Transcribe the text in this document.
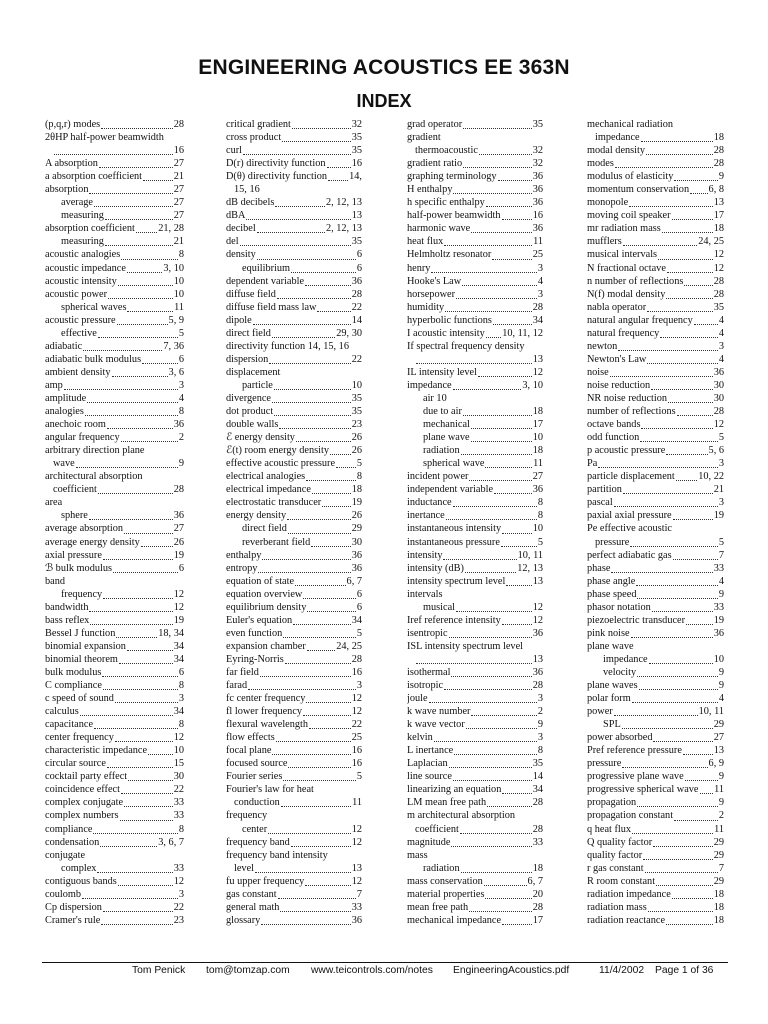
ENGINEERING ACOUSTICS EE 363N
INDEX
(p,q,r) modes	28
2θHP half-power beamwidth
16
A absorption	27
a absorption coefficient	21
absorption	27
average	27
measuring	27
absorption coefficient 21, 28
measuring	21
acoustic analogies	8
acoustic impedance	3, 10
acoustic intensity	10
acoustic power	10
spherical waves	11
acoustic pressure	5, 9
effective	5
adiabatic	7, 36
adiabatic bulk modulus	6
ambient density	3, 6
amp	3
amplitude	4
analogies	8
anechoic room	36
angular frequency	2
arbitrary direction plane
wave	9
architectural absorption
coefficient	28
area
sphere	36
average absorption	27
average energy density	26
axial pressure	19
ℬ bulk modulus	6
band
frequency	12
bandwidth	12
bass reflex	19
Bessel J function	18, 34
binomial expansion	34
binomial theorem	34
bulk modulus	6
C compliance	8
c speed of sound	3
calculus	34
capacitance	8
center frequency	12
characteristic impedance	10
circular source	15
cocktail party effect	30
coincidence effect	22
complex conjugate	33
complex numbers	33
compliance	8
condensation	3, 6, 7
conjugate
complex	33
contiguous bands	12
coulomb	3
Cp dispersion	22
Cramer's rule	23
critical gradient	32
cross product	35
curl	35
D(r) directivity function	16
D(θ) directivity function 14,
15, 16
dB decibels	2, 12, 13
dBA	13
decibel	2, 12, 13
del	35
density	6
equilibrium	6
dependent variable	36
diffuse field	28
diffuse field mass law	22
dipole	14
direct field	29, 30
directivity function 14, 15, 16
dispersion	22
displacement
particle	10
divergence	35
dot product	35
double walls	23
ℰ energy density	26
ℰ(t) room energy density 26
effective acoustic pressure 5
electrical analogies	8
electrical impedance	18
electrostatic transducer	19
energy density	26
direct field	29
reverberant field	30
enthalpy	36
entropy	36
equation of state	6, 7
equation overview	6
equilibrium density	6
Euler's equation	34
even function	5
expansion chamber	24, 25
Eyring-Norris	28
far field	16
farad	3
fc center frequency	12
fl lower frequency	12
flexural wavelength	22
flow effects	25
focal plane	16
focused source	16
Fourier series	5
Fourier's law for heat
conduction	11
frequency
center	12
frequency band	12
frequency band intensity
level	13
fu upper frequency	12
gas constant	7
general math	33
glossary	36
grad operator	35
gradient
thermoacoustic	32
gradient ratio	32
graphing terminology	36
H enthalpy	36
h specific enthalpy	36
half-power beamwidth	16
harmonic wave	36
heat flux	11
Helmholtz resonator	25
henry	3
Hooke's Law	4
horsepower	3
humidity	28
hyperbolic functions	34
I acoustic intensity 10, 11, 12
If spectral frequency density
13
IL intensity level	12
impedance	3, 10
air 10
due to air	18
mechanical	17
plane wave	10
radiation	18
spherical wave	11
incident power	27
independent variable	36
inductance	8
inertance	8
instantaneous intensity	10
instantaneous pressure	5
intensity	10, 11
intensity (dB)	12, 13
intensity spectrum level	13
intervals
musical	12
Iref reference intensity	12
isentropic	36
ISL intensity spectrum level
13
isothermal	36
isotropic	28
joule	3
k wave number	2
k wave vector	9
kelvin	3
L inertance	8
Laplacian	35
line source	14
linearizing an equation	34
LM mean free path	28
m architectural absorption
coefficient	28
magnitude	33
mass
radiation	18
mass conservation	6, 7
material properties	20
mean free path	28
mechanical impedance	17
mechanical radiation
impedance	18
modal density	28
modes	28
modulus of elasticity	9
momentum conservation 6, 8
monopole	13
moving coil speaker	17
mr radiation mass	18
mufflers	24, 25
musical intervals	12
N fractional octave	12
n number of reflections	28
N(f) modal density	28
nabla operator	35
natural angular frequency	4
natural frequency	4
newton	3
Newton's Law	4
noise	36
noise reduction	30
NR noise reduction	30
number of reflections	28
octave bands	12
odd function	5
p acoustic pressure	5, 6
Pa	3
particle displacement 10, 22
partition	21
pascal	3
paxial axial pressure	19
Pe effective acoustic
pressure	5
perfect adiabatic gas	7
phase	33
phase angle	4
phase speed	9
phasor notation	33
piezoelectric transducer	19
pink noise	36
plane wave
impedance	10
velocity	9
plane waves	9
polar form	4
power	10, 11
SPL	29
power absorbed	27
Pref reference pressure	13
pressure	6, 9
progressive plane wave	9
progressive spherical wave 11
propagation	9
propagation constant	2
q heat flux	11
Q quality factor	29
quality factor	29
r gas constant	7
R room constant	29
radiation impedance	18
radiation mass	18
radiation reactance	18
Tom Penick tom@tomzap.com www.teicontrols.com/notes EngineeringAcoustics.pdf	11/4/2002 Page 1 of 36
